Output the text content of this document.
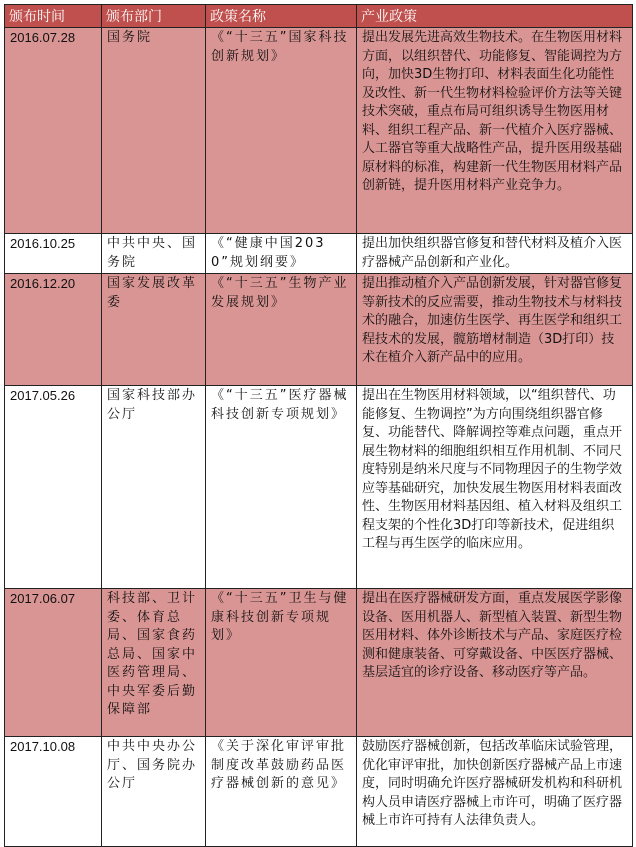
颁布时间	颁布部门	政策名称	产业政策
2016.07.28	国务院	《“十三五”国家科技创新规划》	提出发展先进高效生物技术。在生物医用材料方面，以组织替代、功能修复、智能调控为方向，加快3D生物打印、材料表面生化功能性及改性、新一代生物材料检验评价方法等关键技术突破，重点布局可组织诱导生物医用材料、组织工程产品、新一代植介入医疗器械、人工器官等重大战略性产品，提升医用级基础原材料的标准，构建新一代生物医用材料产品创新链，提升医用材料产业竞争力。
2016.10.25	中共中央、国务院	《“健康中国2030”规划纲要》	提出加快组织器官修复和替代材料及植介入医疗器械产品创新和产业化。
2016.12.20	国家发展改革委	《“十三五”生物产业发展规划》	提出推动植介入产品创新发展，针对器官修复等新技术的反应需要，推动生物技术与材料技术的融合，加速仿生医学、再生医学和组织工程技术的发展，髋筋增材制造（3D打印）技术在植介入新产品中的应用。
2017.05.26	国家科技部办公厅	《“十三五”医疗器械科技创新专项规划》	提出在生物医用材料领域，以“组织替代、功能修复、生物调控”为方向围绕组织器官修复、功能替代、降解调控等难点问题，重点开展生物材料的细胞组织相互作用机制、不同尺度特别是纳米尺度与不同物理因子的生物学效应等基础研究，加快发展生物医用材料表面改性、生物医用材料基因组、植入材料及组织工程支架的个性化3D打印等新技术，促进组织工程与再生医学的临床应用。
2017.06.07	科技部、卫计委、体育总局、国家食药总局、国家中医药管理局、中央军委后勤保障部	《“十三五”卫生与健康科技创新专项规划》	提出在医疗器械研发方面，重点发展医学影像设备、医用机器人、新型植入装置、新型生物医用材料、体外诊断技术与产品、家庭医疗检测和健康装备、可穿戴设备、中医医疗器械、基层适宜的诊疗设备、移动医疗等产品。
2017.10.08	中共中央办公厅、国务院办公厅	《关于深化审评审批制度改革鼓励药品医疗器械创新的意见》	鼓励医疗器械创新，包括改革临床试验管理，优化审评审批，加快创新医疗器械产品上市速度，同时明确允许医疗器械研发机构和科研机构人员申请医疗器械上市许可，明确了医疗器械上市许可持有人法律负责人。
